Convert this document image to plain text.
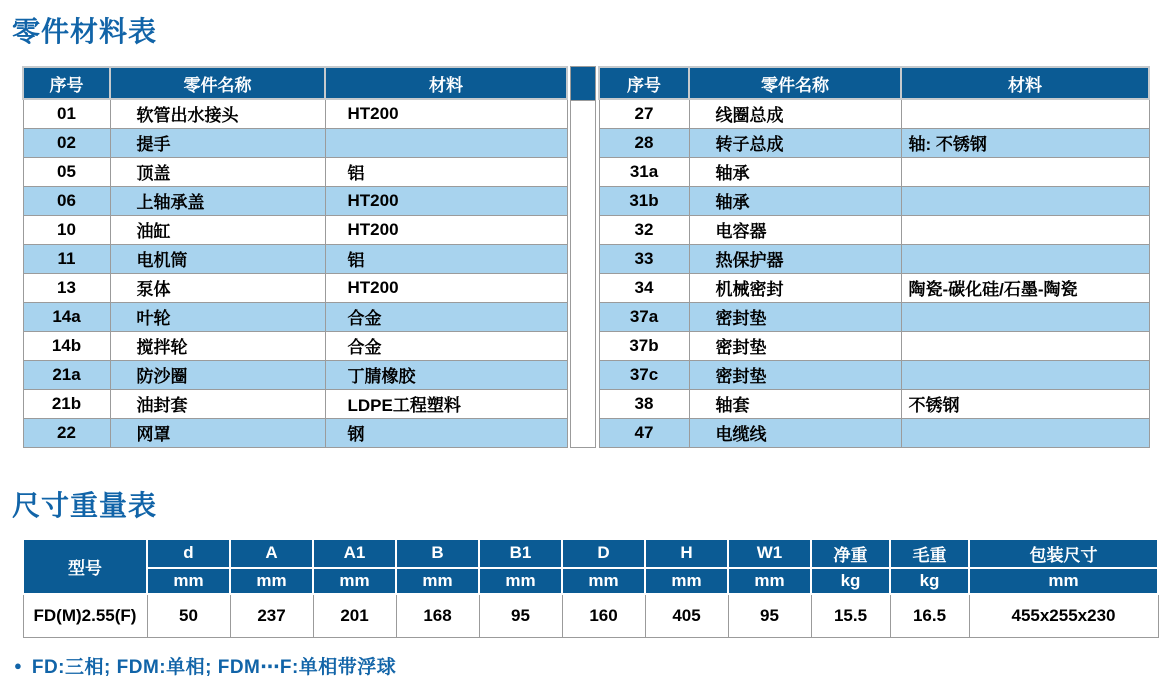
零件材料表
序号	零件名称	材料
01	软管出水接头	HT200
02	提手	
05	顶盖	铝
06	上轴承盖	HT200
10	油缸	HT200
11	电机筒	铝
13	泵体	HT200
14a	叶轮	合金
14b	搅拌轮	合金
21a	防沙圈	丁腈橡胶
21b	油封套	LDPE工程塑料
22	网罩	钢
序号	零件名称	材料
27	线圈总成	
28	转子总成	轴: 不锈钢
31a	轴承	
31b	轴承	
32	电容器	
33	热保护器	
34	机械密封	陶瓷-碳化硅/石墨-陶瓷
37a	密封垫	
37b	密封垫	
37c	密封垫	
38	轴套	不锈钢
47	电缆线	
尺寸重量表
型号	d	A	A1	B	B1	D	H	W1	净重	毛重	包装尺寸
	mm	mm	mm	mm	mm	mm	mm	mm	kg	kg	mm
FD(M)2.55(F)	50	237	201	168	95	160	405	95	15.5	16.5	455x255x230
● FD:三相; FDM:单相; FDM⋯F:单相带浮球
